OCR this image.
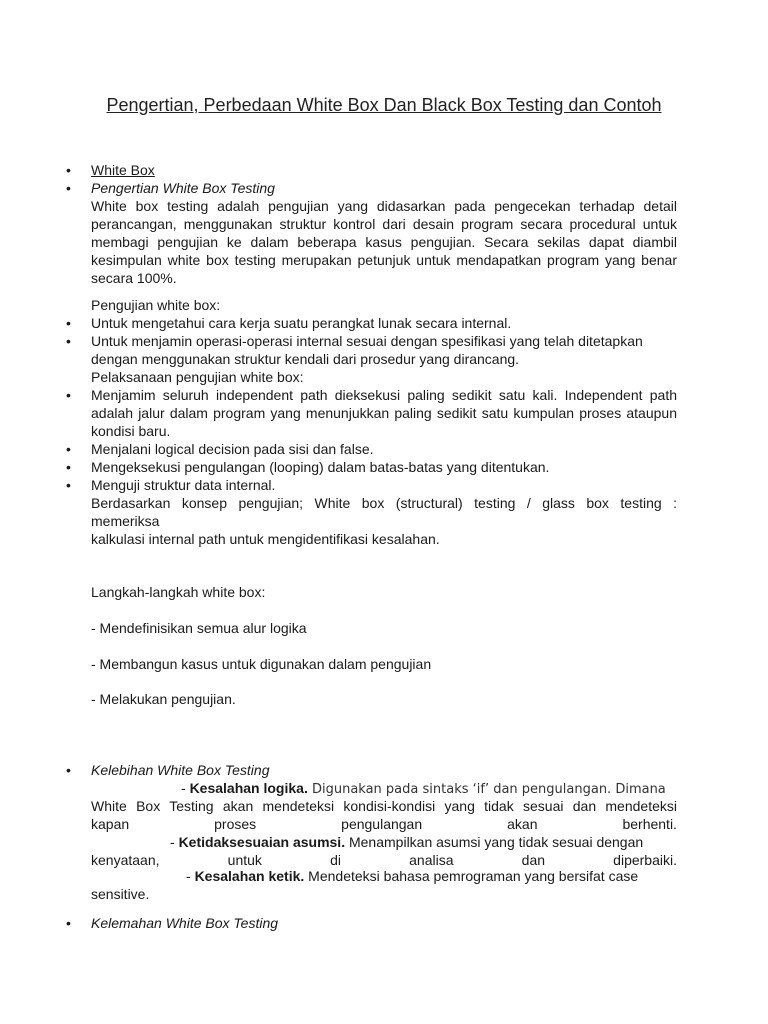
Pengertian, Perbedaan White Box Dan Black Box Testing dan Contoh
• White Box
• Pengertian White Box Testing
White box testing adalah pengujian yang didasarkan pada pengecekan terhadap detail perancangan, menggunakan struktur kontrol dari desain program secara procedural untuk membagi pengujian ke dalam beberapa kasus pengujian. Secara sekilas dapat diambil kesimpulan white box testing merupakan petunjuk untuk mendapatkan program yang benar secara 100%.
Pengujian white box:
• Untuk mengetahui cara kerja suatu perangkat lunak secara internal.
• Untuk menjamin operasi-operasi internal sesuai dengan spesifikasi yang telah ditetapkan dengan menggunakan struktur kendali dari prosedur yang dirancang.
Pelaksanaan pengujian white box:
• Menjamim seluruh independent path dieksekusi paling sedikit satu kali. Independent path adalah jalur dalam program yang menunjukkan paling sedikit satu kumpulan proses ataupun kondisi baru.
• Menjalani logical decision pada sisi dan false.
• Mengeksekusi pengulangan (looping) dalam batas-batas yang ditentukan.
• Menguji struktur data internal.
Berdasarkan konsep pengujian; White box (structural) testing / glass box testing :
memeriksa
kalkulasi internal path untuk mengidentifikasi kesalahan.
Langkah-langkah white box:
- Mendefinisikan semua alur logika
- Membangun kasus untuk digunakan dalam pengujian
- Melakukan pengujian.
• Kelebihan White Box Testing
- Kesalahan logika. Digunakan pada sintaks ‘if’ dan pengulangan. Dimana
White Box Testing akan mendeteksi kondisi-kondisi yang tidak sesuai dan mendeteksi
kapan	proses	pengulangan	akan	berhenti.
- Ketidaksesuaian asumsi. Menampilkan asumsi yang tidak sesuai dengan
kenyataan,	untuk	di	analisa	dan	diperbaiki.
- Kesalahan ketik. Mendeteksi bahasa pemrograman yang bersifat case
sensitive.
• Kelemahan White Box Testing
